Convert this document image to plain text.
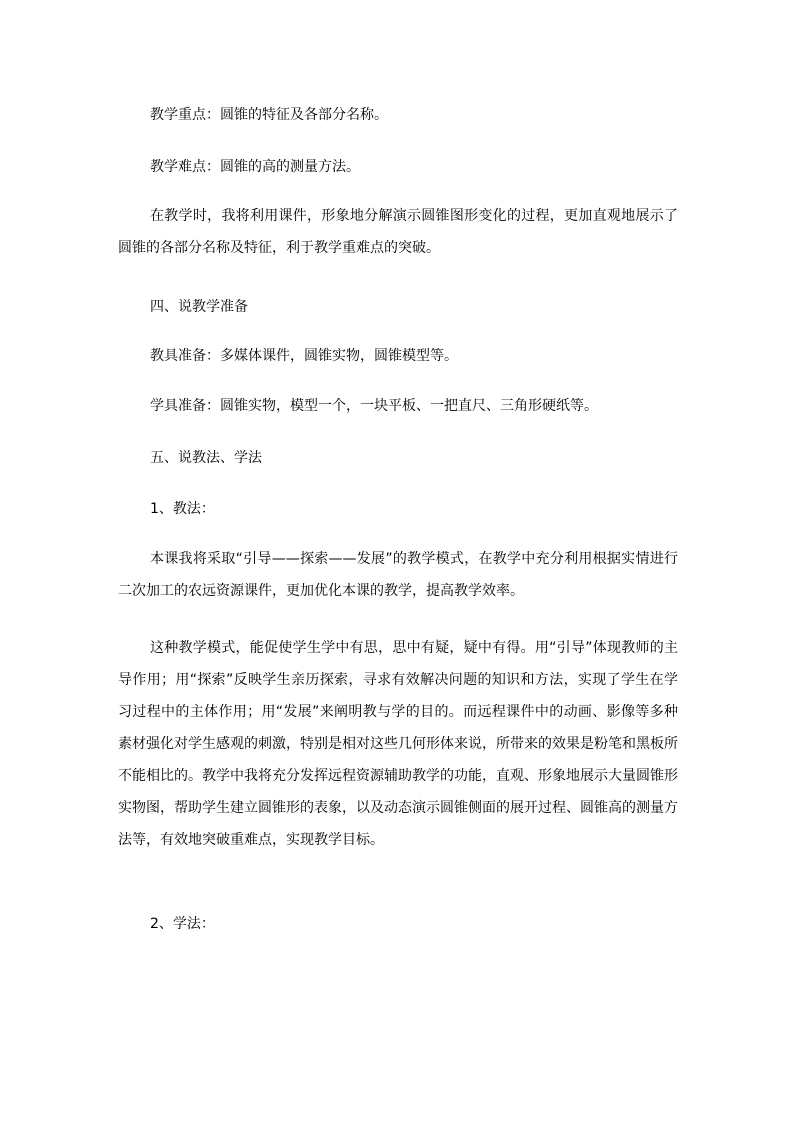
教学重点：圆锥的特征及各部分名称。

教学难点：圆锥的高的测量方法。

在教学时，我将利用课件，形象地分解演示圆锥图形变化的过程，更加直观地展示了圆锥的各部分名称及特征，利于教学重难点的突破。

四、说教学准备

教具准备：多媒体课件，圆锥实物，圆锥模型等。

学具准备：圆锥实物，模型一个，一块平板、一把直尺、三角形硬纸等。

五、说教法、学法

1、教法：

本课我将采取“引导——探索——发展”的教学模式，在教学中充分利用根据实情进行二次加工的农远资源课件，更加优化本课的教学，提高教学效率。

这种教学模式，能促使学生学中有思，思中有疑，疑中有得。用“引导”体现教师的主导作用；用“探索”反映学生亲历探索，寻求有效解决问题的知识和方法，实现了学生在学习过程中的主体作用；用“发展”来阐明教与学的目的。而远程课件中的动画、影像等多种素材强化对学生感观的刺激，特别是相对这些几何形体来说，所带来的效果是粉笔和黑板所不能相比的。教学中我将充分发挥远程资源辅助教学的功能，直观、形象地展示大量圆锥形实物图，帮助学生建立圆锥形的表象，以及动态演示圆锥侧面的展开过程、圆锥高的测量方法等，有效地突破重难点，实现教学目标。

2、学法：
